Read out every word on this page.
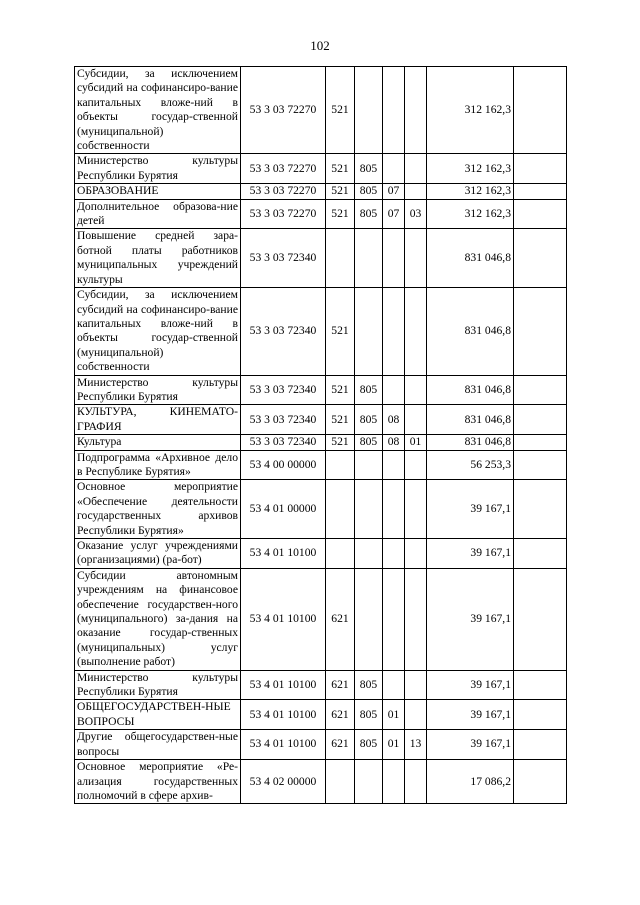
102
Субсидии, за исключением субсидий на софинансиро-вание капитальных вложе-ний в объекты государ-ственной (муниципальной) собственности	53 3 03 72270	521				312 162,3	
Министерство культуры Республики Бурятия	53 3 03 72270	521	805			312 162,3	
ОБРАЗОВАНИЕ	53 3 03 72270	521	805	07		312 162,3	
Дополнительное образова-ние детей	53 3 03 72270	521	805	07	03	312 162,3	
Повышение средней зара-ботной платы работников муниципальных учреждений культуры	53 3 03 72340					831 046,8	
Субсидии, за исключением субсидий на софинансиро-вание капитальных вложе-ний в объекты государ-ственной (муниципальной) собственности	53 3 03 72340	521				831 046,8	
Министерство культуры Республики Бурятия	53 3 03 72340	521	805			831 046,8	
КУЛЬТУРА, КИНЕМАТО-ГРАФИЯ	53 3 03 72340	521	805	08		831 046,8	
Культура	53 3 03 72340	521	805	08	01	831 046,8	
Подпрограмма «Архивное дело в Республике Бурятия»	53 4 00 00000					56 253,3	
Основное мероприятие «Обеспечение деятельности государственных архивов Республики Бурятия»	53 4 01 00000					39 167,1	
Оказание услуг учреждениями (организациями) (ра-бот)	53 4 01 10100					39 167,1	
Субсидии автономным учреждениям на финансовое обеспечение государствен-ного (муниципального) за-дания на оказание государ-ственных (муниципальных) услуг (выполнение работ)	53 4 01 10100	621				39 167,1	
Министерство культуры Республики Бурятия	53 4 01 10100	621	805			39 167,1	
ОБЩЕГОСУДАРСТВЕН-НЫЕ ВОПРОСЫ	53 4 01 10100	621	805	01		39 167,1	
Другие общегосударствен-ные вопросы	53 4 01 10100	621	805	01	13	39 167,1	
Основное мероприятие «Ре-ализация государственных полномочий в сфере архив-	53 4 02 00000					17 086,2	
